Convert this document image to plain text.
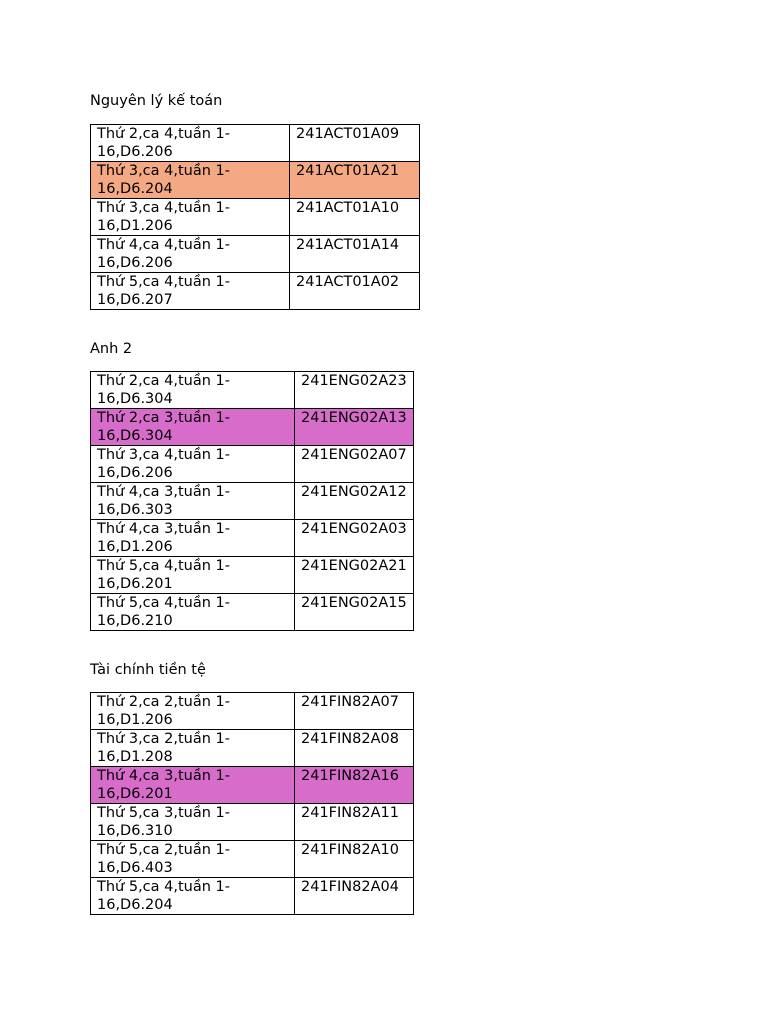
Nguyên lý kế toán
Thứ 2,ca 4,tuần 1-16,D6.206	241ACT01A09
Thứ 3,ca 4,tuần 1-16,D6.204	241ACT01A21
Thứ 3,ca 4,tuần 1-16,D1.206	241ACT01A10
Thứ 4,ca 4,tuần 1-16,D6.206	241ACT01A14
Thứ 5,ca 4,tuần 1-16,D6.207	241ACT01A02
Anh 2
Thứ 2,ca 4,tuần 1-16,D6.304	241ENG02A23
Thứ 2,ca 3,tuần 1-16,D6.304	241ENG02A13
Thứ 3,ca 4,tuần 1-16,D6.206	241ENG02A07
Thứ 4,ca 3,tuần 1-16,D6.303	241ENG02A12
Thứ 4,ca 3,tuần 1-16,D1.206	241ENG02A03
Thứ 5,ca 4,tuần 1-16,D6.201	241ENG02A21
Thứ 5,ca 4,tuần 1-16,D6.210	241ENG02A15
Tài chính tiền tệ
Thứ 2,ca 2,tuần 1-16,D1.206	241FIN82A07
Thứ 3,ca 2,tuần 1-16,D1.208	241FIN82A08
Thứ 4,ca 3,tuần 1-16,D6.201	241FIN82A16
Thứ 5,ca 3,tuần 1-16,D6.310	241FIN82A11
Thứ 5,ca 2,tuần 1-16,D6.403	241FIN82A10
Thứ 5,ca 4,tuần 1-16,D6.204	241FIN82A04
